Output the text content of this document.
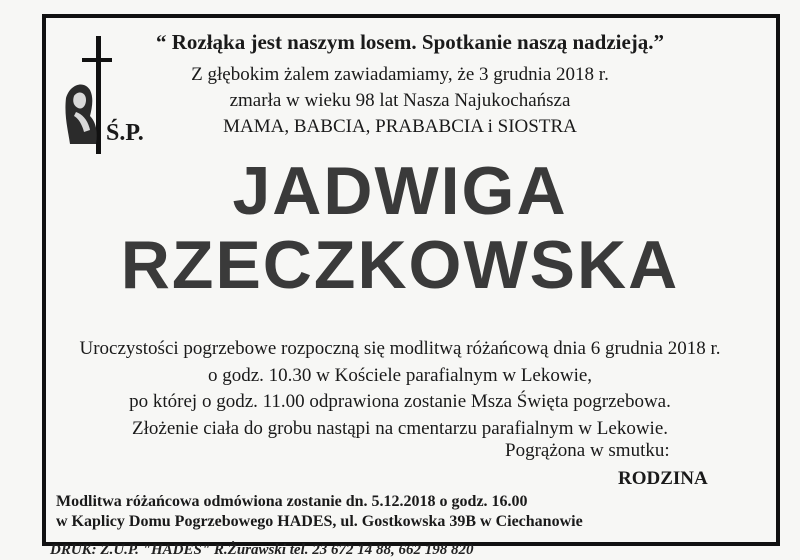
“ Rozłąka jest naszym losem. Spotkanie naszą nadzieją.”
Z głębokim żalem zawiadamiamy, że 3 grudnia 2018 r.
zmarła w wieku 98 lat Nasza Najukochańsza
MAMA, BABCIA, PRABABCIA i SIOSTRA
Ś.P.
JADWIGA
RZECZKOWSKA
Uroczystości pogrzebowe rozpoczną się modlitwą różańcową dnia 6 grudnia 2018 r.
o godz. 10.30 w Kościele parafialnym w Lekowie,
po której o godz. 11.00 odprawiona zostanie Msza Święta pogrzebowa.
Złożenie ciała do grobu nastąpi na cmentarzu parafialnym w Lekowie.
Pogrążona w smutku:
RODZINA
Modlitwa różańcowa odmówiona zostanie dn. 5.12.2018 o godz. 16.00
w Kaplicy Domu Pogrzebowego HADES, ul. Gostkowska 39B w Ciechanowie
DRUK: Z.U.P. "HADES" R.Żurawski tel. 23 672 14 88, 662 198 820
